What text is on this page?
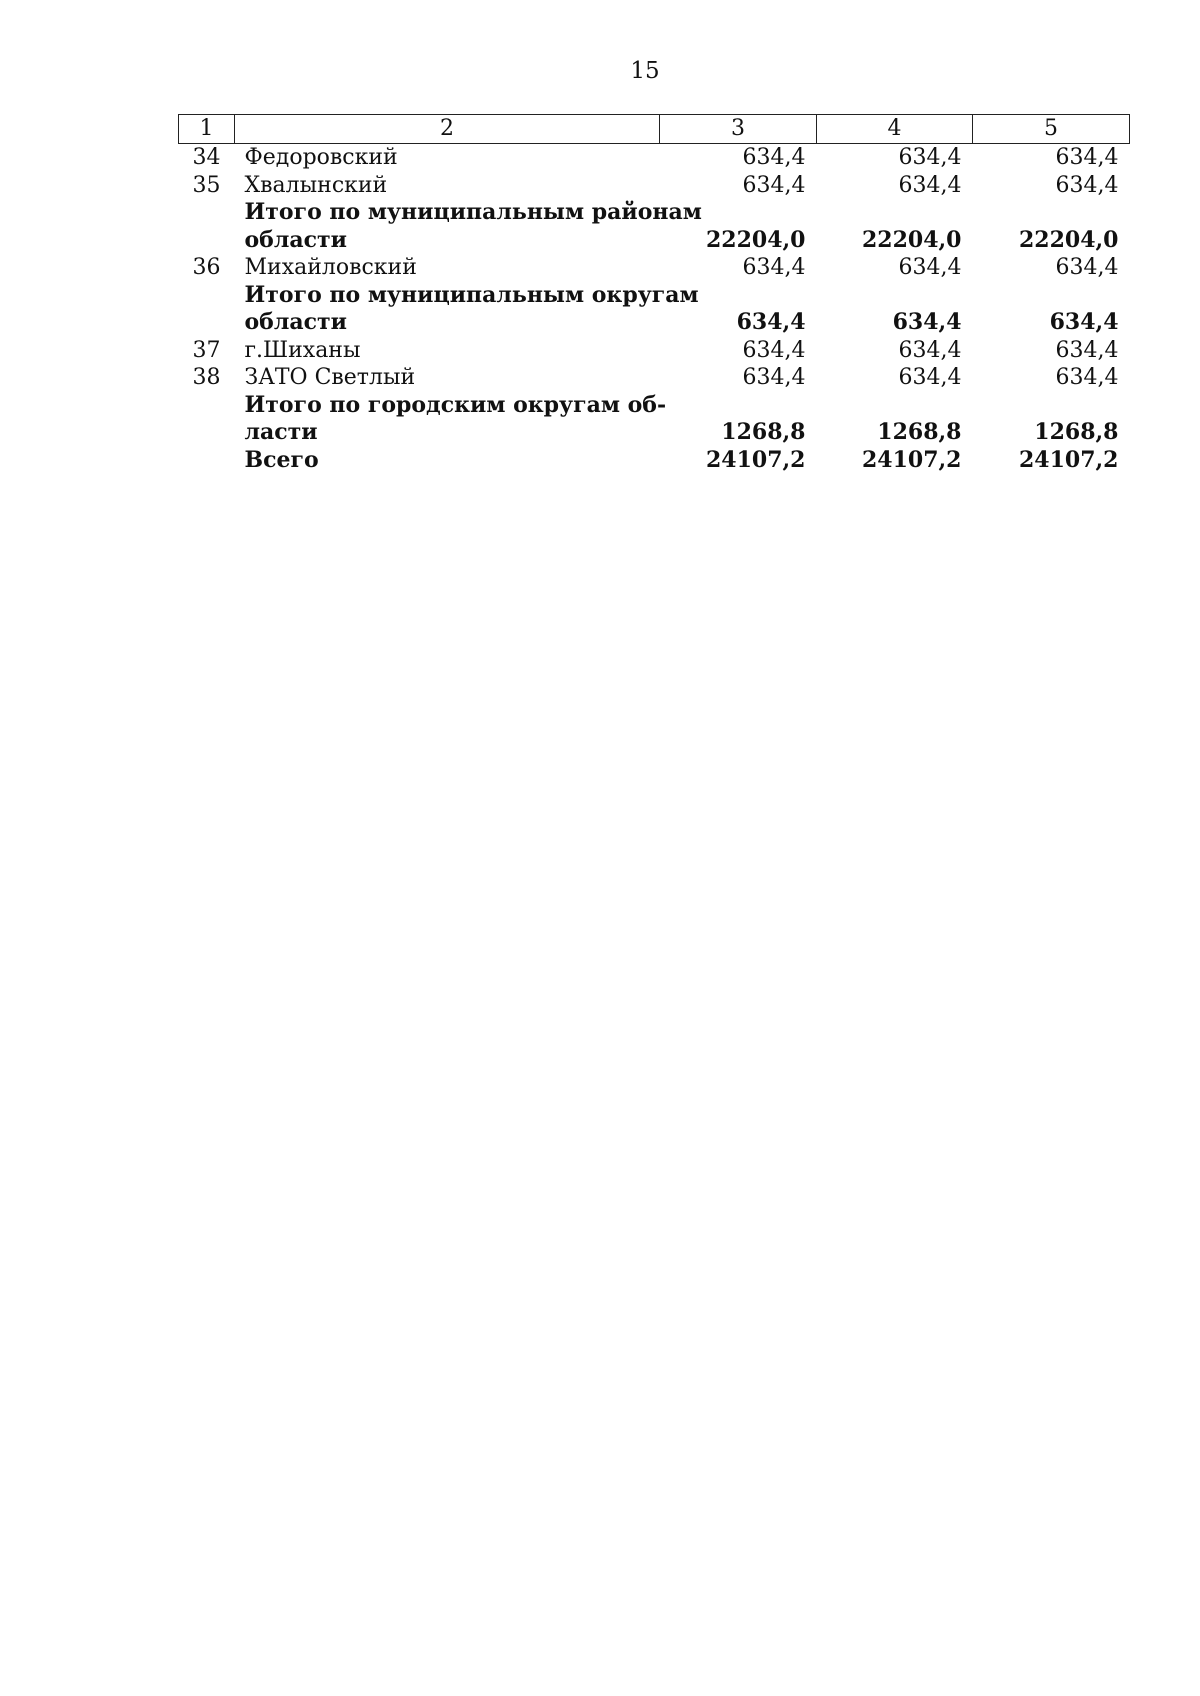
15
1	2	3	4	5
34	Федоровский	634,4	634,4	634,4
35	Хвалынский	634,4	634,4	634,4
	Итого по муниципальным районам			
	области	22204,0	22204,0	22204,0
36	Михайловский	634,4	634,4	634,4
	Итого по муниципальным округам			
	области	634,4	634,4	634,4
37	г.Шиханы	634,4	634,4	634,4
38	ЗАТО Светлый	634,4	634,4	634,4
	Итого по городским округам об-			
	ласти	1268,8	1268,8	1268,8
	Всего	24107,2	24107,2	24107,2
